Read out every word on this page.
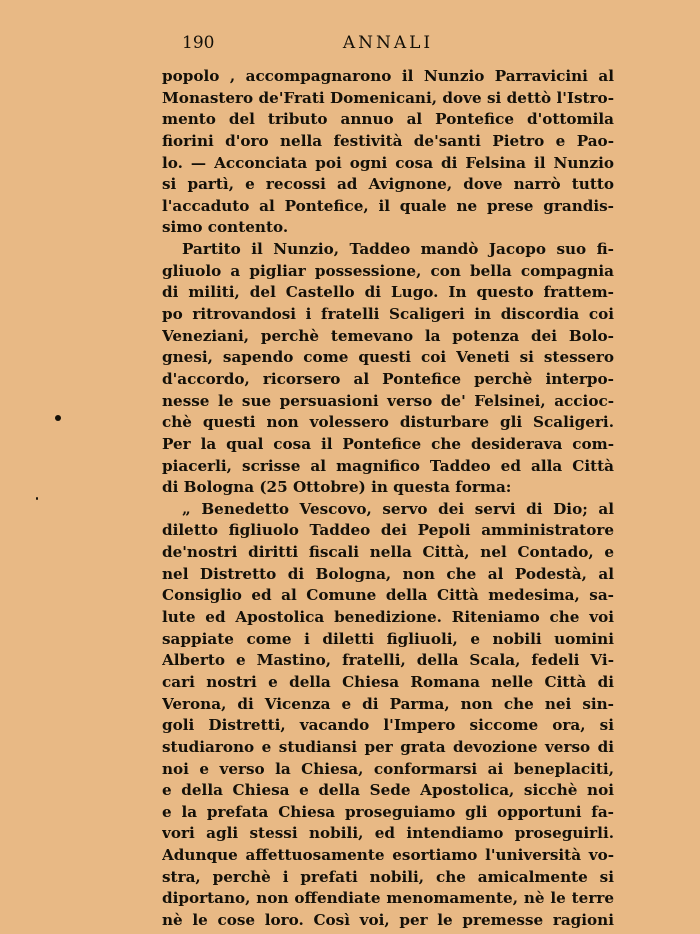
190	ANNALI
popolo , accompagnarono il Nunzio Parravicini al
Monastero de'Frati Domenicani, dove si dettò l'Istro-
mento del tributo annuo al Pontefice d'ottomila
fiorini d'oro nella festività de'santi Pietro e Pao-
lo. — Acconciata poi ogni cosa di Felsina il Nunzio
si partì, e recossi ad Avignone, dove narrò tutto
l'accaduto al Pontefice, il quale ne prese grandis-
simo contento.
Partito il Nunzio, Taddeo mandò Jacopo suo fi-
gliuolo a pigliar possessione, con bella compagnia
di militi, del Castello di Lugo. In questo frattem-
po ritrovandosi i fratelli Scaligeri in discordia coi
Veneziani, perchè temevano la potenza dei Bolo-
gnesi, sapendo come questi coi Veneti si stessero
d'accordo, ricorsero al Pontefice perchè interpo-
nesse le sue persuasioni verso de' Felsinei, accioc-
chè questi non volessero disturbare gli Scaligeri.
Per la qual cosa il Pontefice che desiderava com-
piacerli, scrisse al magnifico Taddeo ed alla Città
di Bologna (25 Ottobre) in questa forma:
„ Benedetto Vescovo, servo dei servi di Dio; al
diletto figliuolo Taddeo dei Pepoli amministratore
de'nostri diritti fiscali nella Città, nel Contado, e
nel Distretto di Bologna, non che al Podestà, al
Consiglio ed al Comune della Città medesima, sa-
lute ed Apostolica benedizione. Riteniamo che voi
sappiate come i diletti figliuoli, e nobili uomini
Alberto e Mastino, fratelli, della Scala, fedeli Vi-
cari nostri e della Chiesa Romana nelle Città di
Verona, di Vicenza e di Parma, non che nei sin-
goli Distretti, vacando l'Impero siccome ora, si
studiarono e studiansi per grata devozione verso di
noi e verso la Chiesa, conformarsi ai beneplaciti,
e della Chiesa e della Sede Apostolica, sicchè noi
e la prefata Chiesa proseguiamo gli opportuni fa-
vori agli stessi nobili, ed intendiamo proseguirli.
Adunque affettuosamente esortiamo l'università vo-
stra, perchè i prefati nobili, che amicalmente si
diportano, non offendiate menomamente, nè le terre
nè le cose loro. Così voi, per le premesse ragioni
